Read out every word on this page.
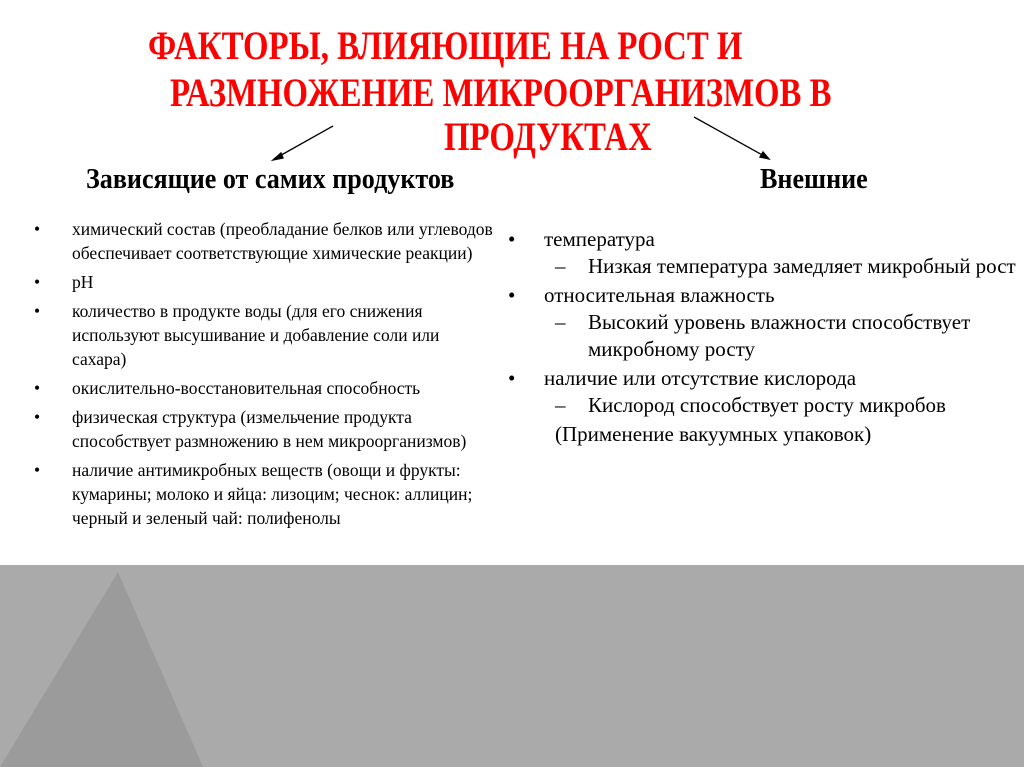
ФАКТОРЫ, ВЛИЯЮЩИЕ НА РОСТ И
РАЗМНОЖЕНИЕ МИКРООРГАНИЗМОВ В
ПРОДУКТАХ
Зависящие от самих продуктов	Внешние
• химический состав (преобладание белков или углеводов обеспечивает соответствующие химические реакции)
• pH
• количество в продукте воды (для его снижения используют высушивание и добавление соли или сахара)
• окислительно-восстановительная способность
• физическая структура (измельчение продукта способствует размножению в нем микроорганизмов)
• наличие антимикробных веществ (овощи и фрукты: кумарины; молоко и яйца: лизоцим; чеснок: аллицин; черный и зеленый чай: полифенолы
• температура
– Низкая температура замедляет микробный рост
• относительная влажность
– Высокий уровень влажности способствует микробному росту
• наличие или отсутствие кислорода
– Кислород способствует росту микробов
(Применение вакуумных упаковок)
